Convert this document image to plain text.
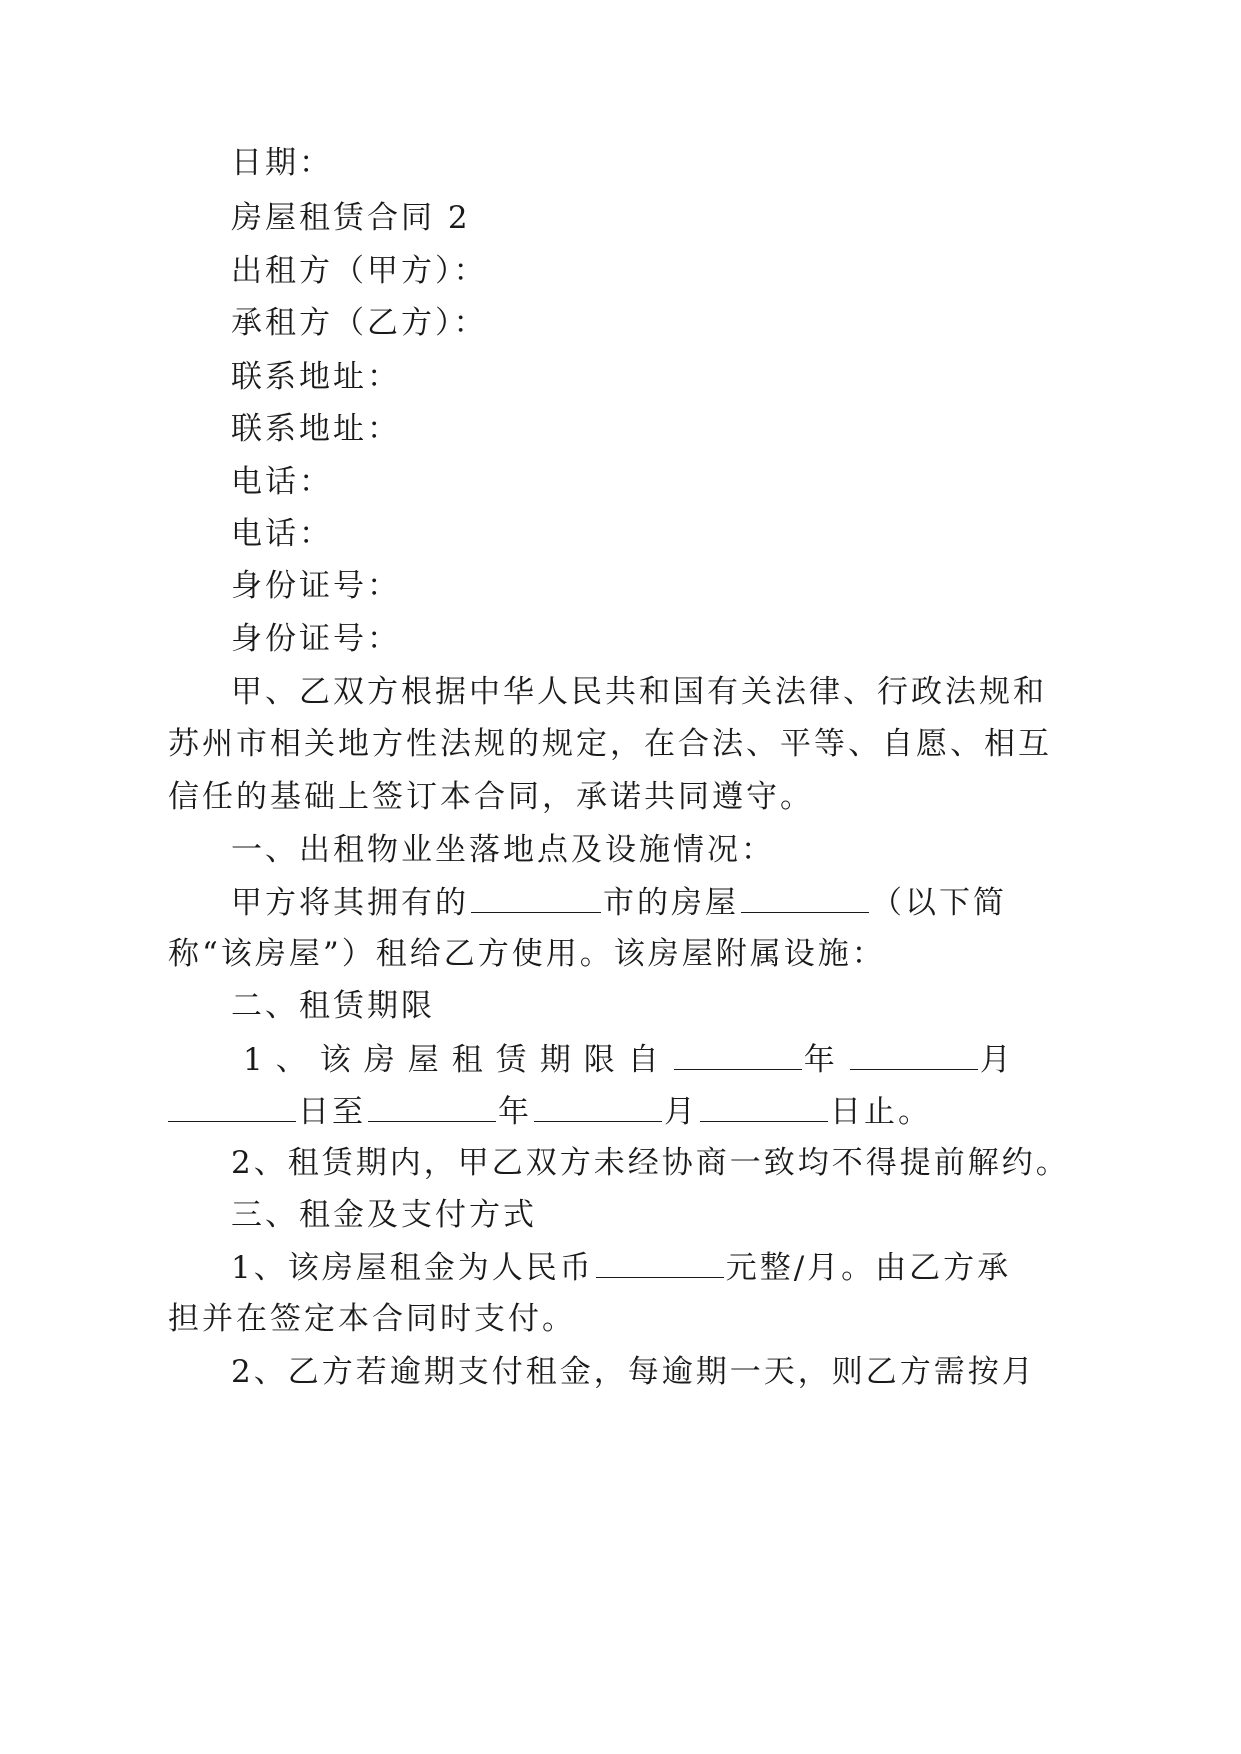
日期：
房屋租赁合同 2
出租方（甲方）：
承租方（乙方）：
联系地址：
联系地址：
电话：
电话：
身份证号：
身份证号：
甲、乙双方根据中华人民共和国有关法律、行政法规和
苏州市相关地方性法规的规定，在合法、平等、自愿、相互
信任的基础上签订本合同，承诺共同遵守。
一、出租物业坐落地点及设施情况：
甲方将其拥有的	市的房屋	（以下简
称“该房屋”）租给乙方使用。该房屋附属设施：
二、租赁期限
1、该房屋租赁期限自	年	月
日至	年	月	日止。
2、租赁期内，甲乙双方未经协商一致均不得提前解约。
三、租金及支付方式
1、该房屋租金为人民币	元整/月。由乙方承
担并在签定本合同时支付。
2、乙方若逾期支付租金，每逾期一天，则乙方需按月
